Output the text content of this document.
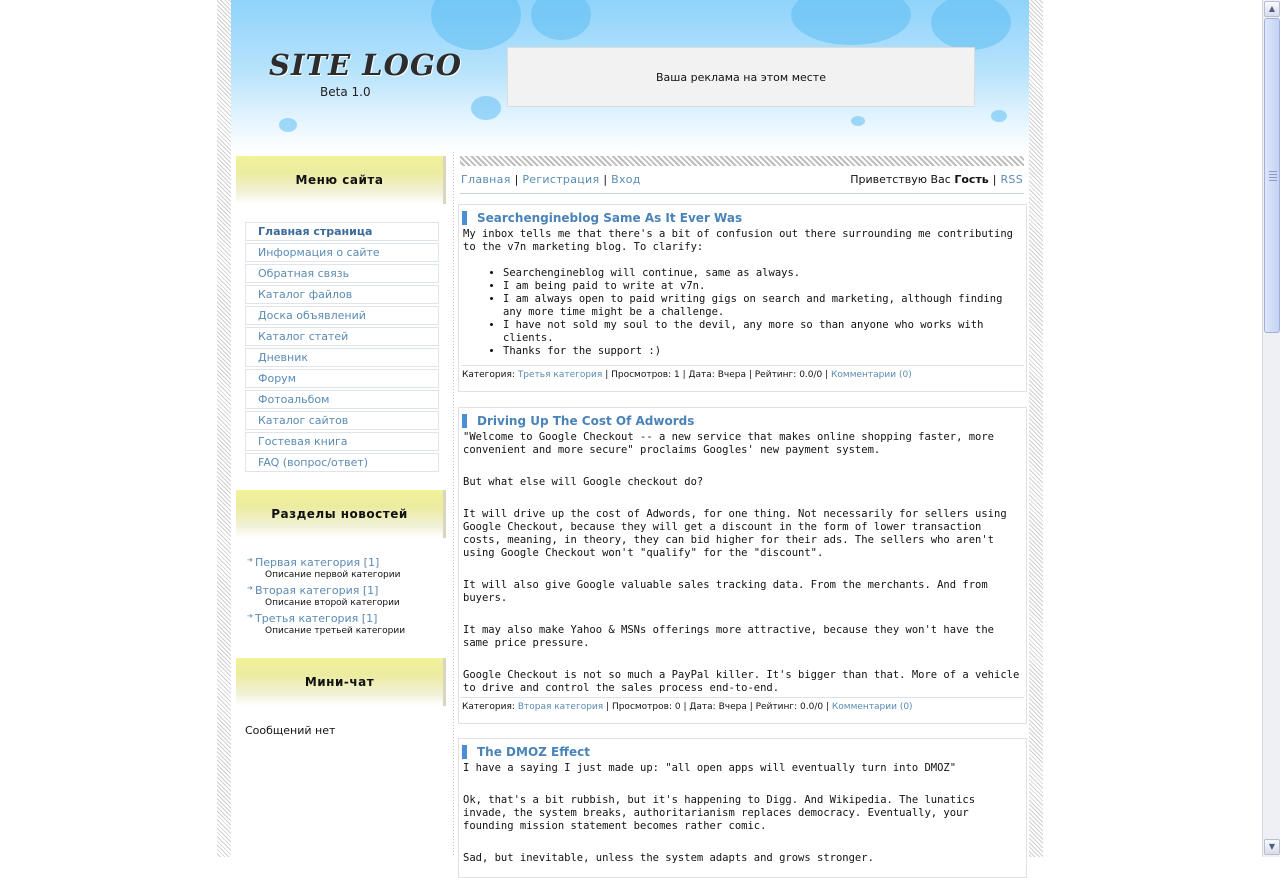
SITE LOGO
Beta 1.0
Ваша реклама на этом месте
Меню сайта
Главная страница
Информация о сайте
Обратная связь
Каталог файлов
Доска объявлений
Каталог статей
Дневник
Форум
Фотоальбом
Каталог сайтов
Гостевая книга
FAQ (вопрос/ответ)
Разделы новостей
➔ Первая категория [1]
Описание первой категории
➔ Вторая категория [1]
Описание второй категории
➔ Третья категория [1]
Описание третьей категории
Мини-чат
Сообщений нет
Главная | Регистрация | Вход	Приветствую Вас Гость | RSS
Searchengineblog Same As It Ever Was
My inbox tells me that there's a bit of confusion out there surrounding me contributing to the v7n marketing blog. To clarify:
• Searchengineblog will continue, same as always.
• I am being paid to write at v7n.
• I am always open to paid writing gigs on search and marketing, although finding any more time might be a challenge.
• I have not sold my soul to the devil, any more so than anyone who works with clients.
• Thanks for the support :)
Категория: Третья категория | Просмотров: 1 | Дата: Вчера | Рейтинг: 0.0/0 | Комментарии (0)
Driving Up The Cost Of Adwords

"Welcome to Google Checkout -- a new service that makes online shopping faster, more convenient and more secure" proclaims Googles' new payment system.

But what else will Google checkout do?

It will drive up the cost of Adwords, for one thing. Not necessarily for sellers using Google Checkout, because they will get a discount in the form of lower transaction costs, meaning, in theory, they can bid higher for their ads. The sellers who aren't using Google Checkout won't "qualify" for the "discount".

It will also give Google valuable sales tracking data. From the merchants. And from buyers.

It may also make Yahoo & MSNs offerings more attractive, because they won't have the same price pressure.

Google Checkout is not so much a PayPal killer. It's bigger than that. More of a vehicle to drive and control the sales process end-to-end.

Категория: Вторая категория | Просмотров: 0 | Дата: Вчера | Рейтинг: 0.0/0 | Комментарии (0)
The DMOZ Effect

I have a saying I just made up: "all open apps will eventually turn into DMOZ"

Ok, that's a bit rubbish, but it's happening to Digg. And Wikipedia. The lunatics invade, the system breaks, authoritarianism replaces democracy. Eventually, your founding mission statement becomes rather comic.

Sad, but inevitable, unless the system adapts and grows stronger.

▲
▼
